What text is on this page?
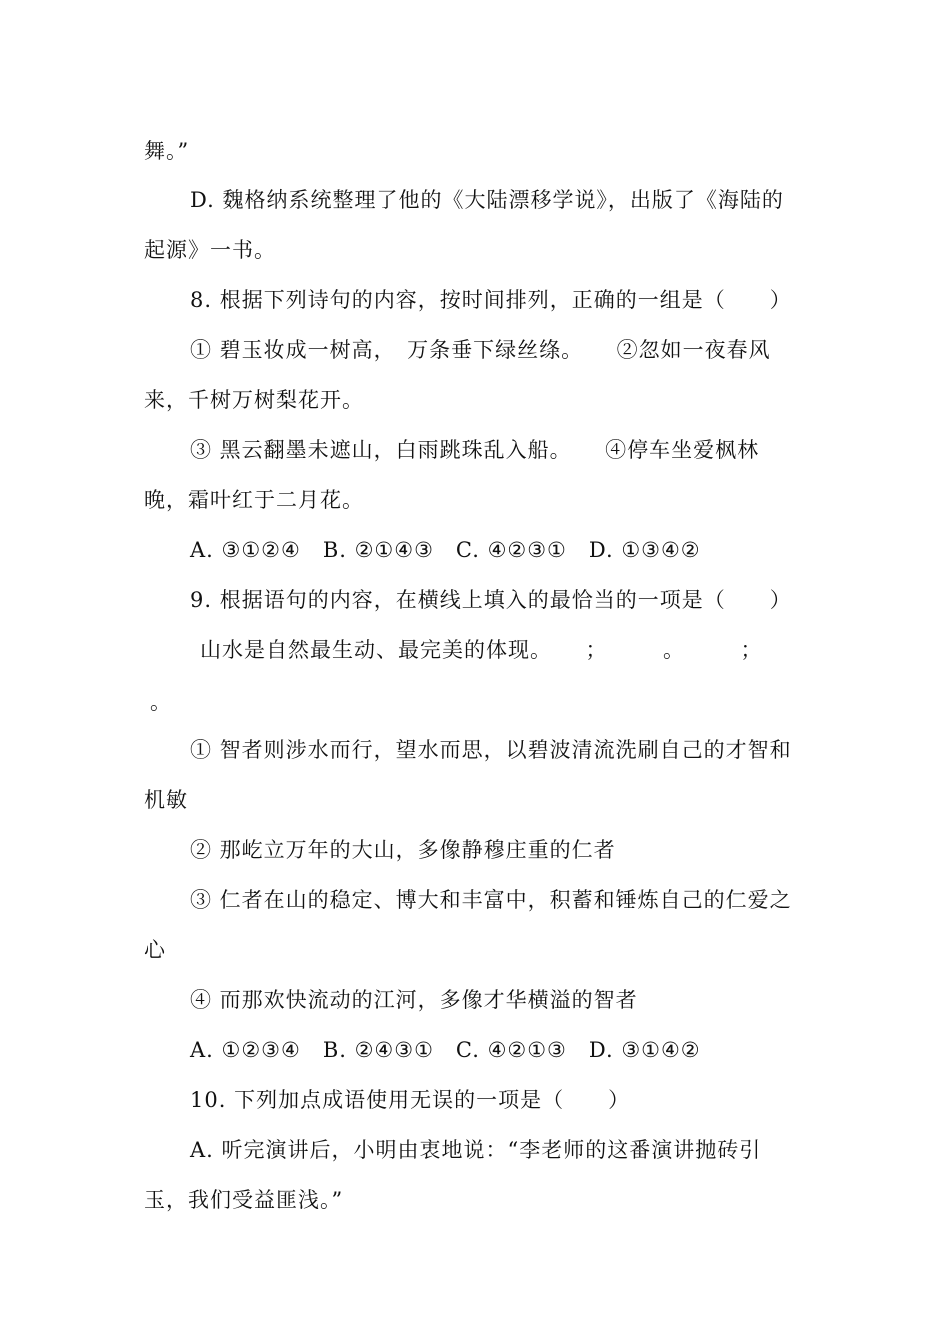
舞。”
D. 魏格纳系统整理了他的《大陆漂移学说》，出版了《海陆的
起源》一书。
8. 根据下列诗句的内容，按时间排列，正确的一组是（　　）
① 碧玉妆成一树高，　万条垂下绿丝绦。　　②忽如一夜春风
来，千树万树梨花开。
③ 黑云翻墨未遮山，白雨跳珠乱入船。　　④停车坐爱枫林
晚，霜叶红于二月花。
A. ③①②④　B. ②①④③　C. ④②③①　D. ①③④②
9. 根据语句的内容，在横线上填入的最恰当的一项是（　　）
山水是自然最生动、最完美的体现。　　；　　　。　　　；
。
① 智者则涉水而行，望水而思，以碧波清流洗刷自己的才智和
机敏
② 那屹立万年的大山，多像静穆庄重的仁者
③ 仁者在山的稳定、博大和丰富中，积蓄和锤炼自己的仁爱之
心
④ 而那欢快流动的江河，多像才华横溢的智者
A. ①②③④　B. ②④③①　C. ④②①③　D. ③①④②
10. 下列加点成语使用无误的一项是（　　）
A. 听完演讲后，小明由衷地说：“李老师的这番演讲抛砖引
玉，我们受益匪浅。”
